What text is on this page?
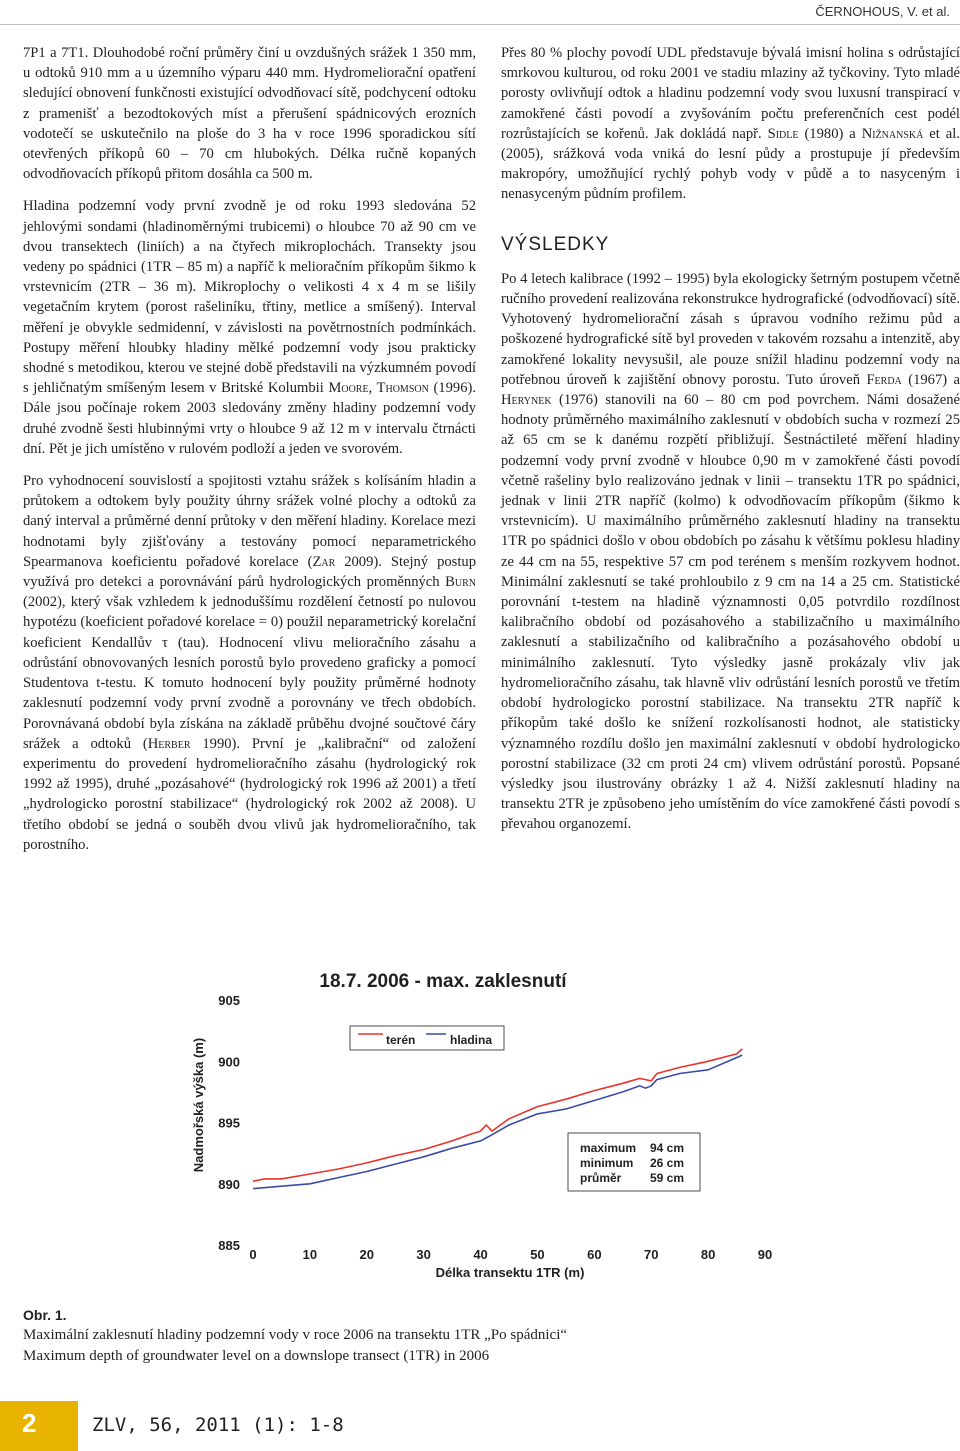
ČERNOHOUS, V. et al.

7P1 a 7T1. Dlouhodobé roční průměry činí u ovzdušných srážek 1 350 mm, u odtoků 910 mm a u územního výparu 440 mm. Hydromeliorační opatření sledující obnovení funkčnosti existující odvodňovací sítě, podchycení odtoku z pramenišť a bezodtokových míst a přerušení spádnicových erozních vodotečí se uskutečnilo na ploše do 3 ha v roce 1996 sporadickou sítí otevřených příkopů 60 – 70 cm hlubokých. Délka ručně kopaných odvodňovacích příkopů přitom dosáhla ca 500 m.

Hladina podzemní vody první zvodně je od roku 1993 sledována 52 jehlovými sondami (hladinoměrnými trubicemi) o hloubce 70 až 90 cm ve dvou transektech (liniích) a na čtyřech mikroplochách. Transekty jsou vedeny po spádnici (1TR – 85 m) a napříč k melioračním příkopům šikmo k vrstevnicím (2TR – 36 m). Mikroplochy o velikosti 4 x 4 m se lišily vegetačním krytem (porost rašeliníku, třtiny, metlice a smíšený). Interval měření je obvykle sedmidenní, v závislosti na povětrnostních podmínkách. Postupy měření hloubky hladiny mělké podzemní vody jsou prakticky shodné s metodikou, kterou ve stejné době představili na výzkumném povodí s jehličnatým smíšeným lesem v Britské Kolumbii Moore, Thomson (1996). Dále jsou počínaje rokem 2003 sledovány změny hladiny podzemní vody druhé zvodně šesti hlubinnými vrty o hloubce 9 až 12 m v intervalu čtrnácti dní. Pět je jich umístěno v rulovém podloží a jeden ve svorovém.

Pro vyhodnocení souvislostí a spojitosti vztahu srážek s kolísáním hladin a průtokem a odtokem byly použity úhrny srážek volné plochy a odtoků za daný interval a průměrné denní průtoky v den měření hladiny. Korelace mezi hodnotami byly zjišťovány a testovány pomocí neparametrického Spearmanova koeficientu pořadové korelace (Zar 2009). Stejný postup využívá pro detekci a porovnávání párů hydrologických proměnných Burn (2002), který však vzhledem k jednoduššímu rozdělení četností po nulovou hypotézu (koeficient pořadové korelace = 0) použil neparametrický korelační koeficient Kendallův τ (tau). Hodnocení vlivu melioračního zásahu a odrůstání obnovovaných lesních porostů bylo provedeno graficky a pomocí Studentova t-testu. K tomuto hodnocení byly použity průměrné hodnoty zaklesnutí podzemní vody první zvodně a porovnány ve třech obdobích. Porovnávaná období byla získána na základě průběhu dvojné součtové čáry srážek a odtoků (Herber 1990). První je „kalibrační“ od založení experimentu do provedení hydromelioračního zásahu (hydrologický rok 1992 až 1995), druhé „pozásahové“ (hydrologický rok 1996 až 2001) a třetí „hydrologicko porostní stabilizace“ (hydrologický rok 2002 až 2008). U třetího období se jedná o souběh dvou vlivů jak hydromelioračního, tak porostního.

Přes 80 % plochy povodí UDL představuje bývalá imisní holina s odrůstající smrkovou kulturou, od roku 2001 ve stadiu mlaziny až tyčkoviny. Tyto mladé porosty ovlivňují odtok a hladinu podzemní vody svou luxusní transpirací v zamokřené části povodí a zvyšováním počtu preferenčních cest podél rozrůstajících se kořenů. Jak dokládá např. Sidle (1980) a Nižnanská et al. (2005), srážková voda vniká do lesní půdy a prostupuje jí především makropóry, umožňující rychlý pohyb vody v půdě a to nasyceným i nenasyceným půdním profilem.

VÝSLEDKY

Po 4 letech kalibrace (1992 – 1995) byla ekologicky šetrným postupem včetně ručního provedení realizována rekonstrukce hydrografické (odvodňovací) sítě. Vyhotovený hydromeliorační zásah s úpravou vodního režimu půd a poškozené hydrografické sítě byl proveden v takovém rozsahu a intenzitě, aby zamokřené lokality nevysušil, ale pouze snížil hladinu podzemní vody na potřebnou úroveň k zajištění obnovy porostu. Tuto úroveň Ferda (1967) a Herynek (1976) stanovili na 60 – 80 cm pod povrchem. Námi dosažené hodnoty průměrného maximálního zaklesnutí v obdobích sucha v rozmezí 25 až 65 cm se k danému rozpětí přibližují. Šestnáctileté měření hladiny podzemní vody první zvodně v hloubce 0,90 m v zamokřené části povodí včetně rašeliny bylo realizováno jednak v linii – transektu 1TR po spádnici, jednak v linii 2TR napříč (kolmo) k odvodňovacím příkopům (šikmo k vrstevnicím). U maximálního průměrného zaklesnutí hladiny na transektu 1TR po spádnici došlo v obou obdobích po zásahu k většímu poklesu hladiny ze 44 cm na 55, respektive 57 cm pod terénem s menším rozkyvem hodnot. Minimální zaklesnutí se také prohloubilo z 9 cm na 14 a 25 cm. Statistické porovnání t-testem na hladině významnosti 0,05 potvrdilo rozdílnost kalibračního období od pozásahového a stabilizačního u maximálního zaklesnutí a stabilizačního od kalibračního a pozásahového období u minimálního zaklesnutí. Tyto výsledky jasně prokázaly vliv jak hydromelioračního zásahu, tak hlavně vliv odrůstání lesních porostů ve třetím období hydrologicko porostní stabilizace. Na transektu 2TR napříč k příkopům také došlo ke snížení rozkolísanosti hodnot, ale statisticky významného rozdílu došlo jen maximální zaklesnutí v období hydrologicko porostní stabilizace (32 cm proti 24 cm) vlivem odrůstání porostů. Popsané výsledky jsou ilustrovány obrázky 1 až 4. Nižší zaklesnutí hladiny na transektu 2TR je způsobeno jeho umístěním do více zamokřené části povodí s převahou organozemí.

18.7. 2006 - max. zaklesnutí
Nadmořská výška (m)
Délka transektu 1TR (m)
905
900
895
890
885
0	10	20	30	40	50	60	70	80	90
terén	hladina
maximum 94 cm
minimum 26 cm
průměr 59 cm
Obr. 1.
Maximální zaklesnutí hladiny podzemní vody v roce 2006 na transektu 1TR „Po spádnici“
Maximum depth of groundwater level on a downslope transect (1TR) in 2006
2	ZLV, 56, 2011 (1): 1-8
